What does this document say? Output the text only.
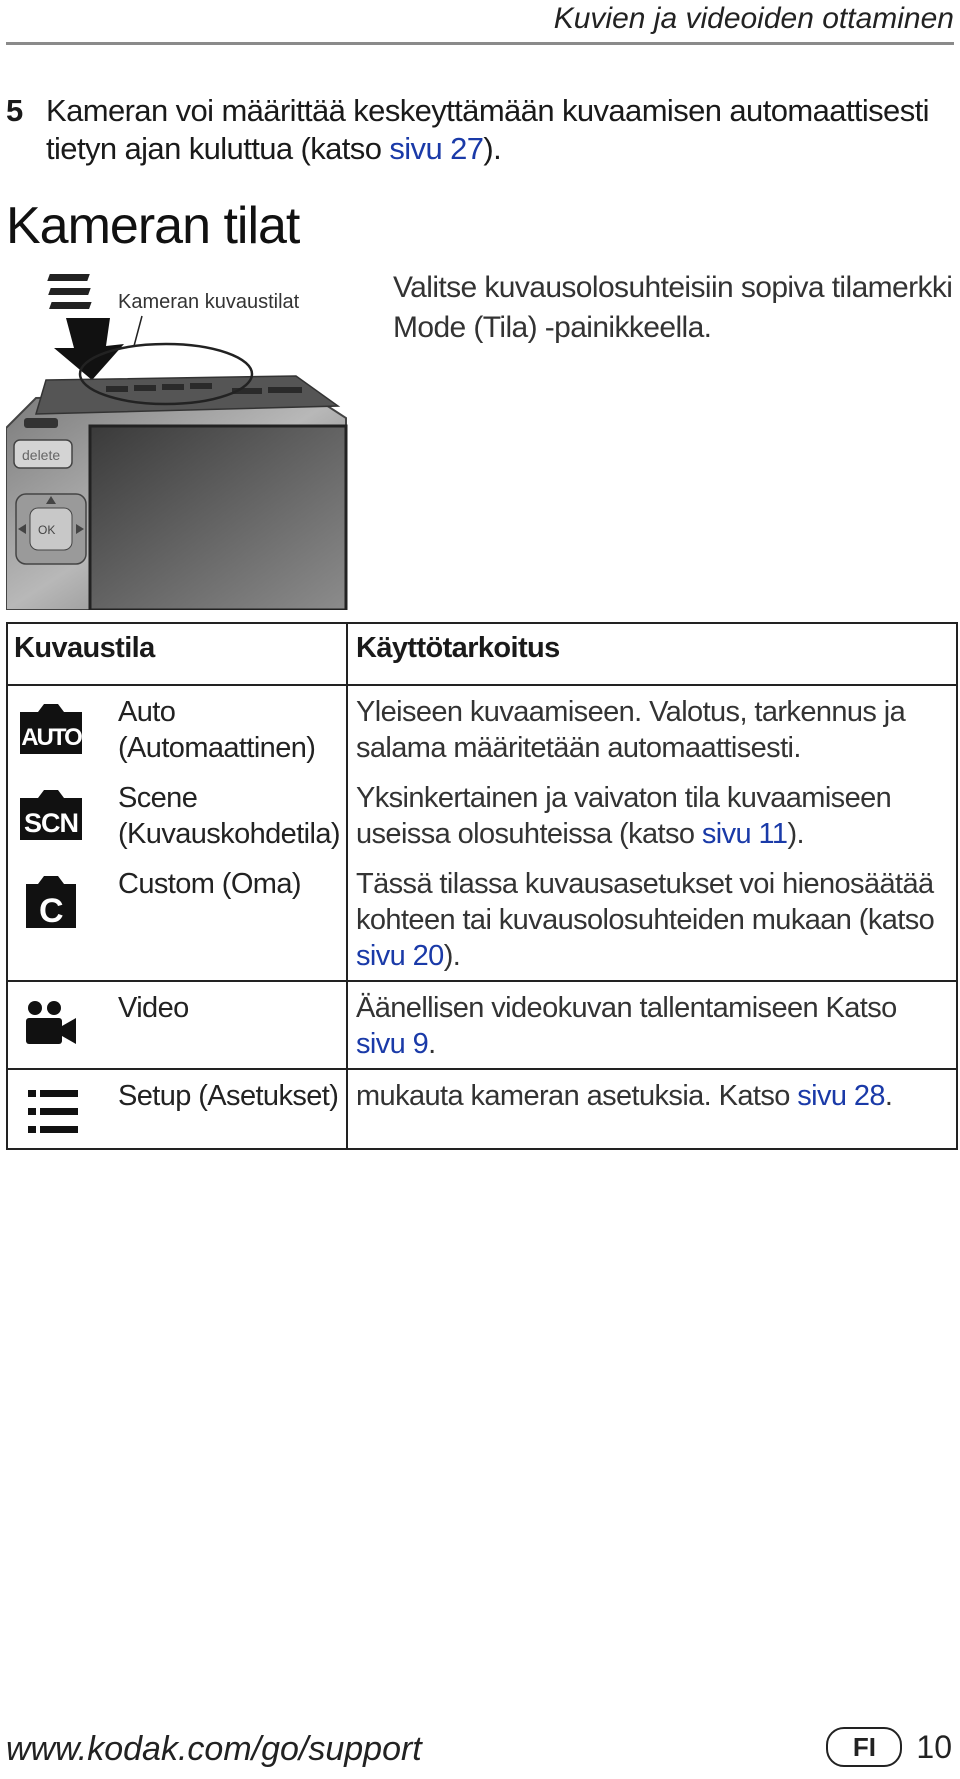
Kuvien ja videoiden ottaminen
5 Kameran voi määrittää keskeyttämään kuvaamisen automaattisesti tietyn ajan kuluttua (katso sivu 27).
Kameran tilat
Valitse kuvausolosuhteisiin sopiva tilamerkki Mode (Tila) -painikkeella.
Kameran kuvaustilat
delete
OK
Kuvaustila	Käyttötarkoitus

AUTO
Auto
(Automaattinen)	Yleiseen kuvaamiseen. Valotus, tarkennus ja salama määritetään automaattisesti.

SCN
Scene
(Kuvauskohdetila)	Yksinkertainen ja vaivaton tila kuvaamiseen useissa olosuhteissa (katso sivu 11).

C
Custom (Oma)	Tässä tilassa kuvausasetukset voi hienosäätää kohteen tai kuvausolosuhteiden mukaan (katso sivu 20).

Video	Äänellisen videokuvan tallentamiseen Katso sivu 9.

Setup (Asetukset)	mukauta kameran asetuksia. Katso sivu 28.
www.kodak.com/go/support	FI	10
